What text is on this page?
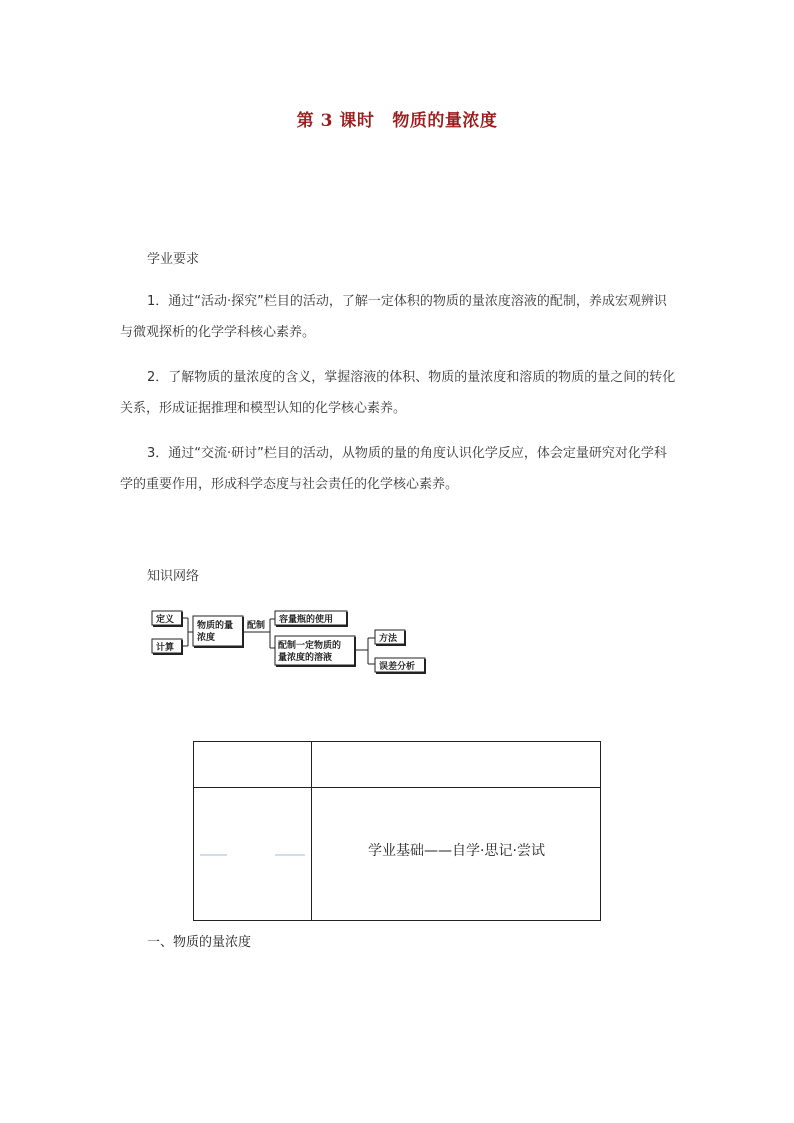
第 3 课时 物质的量浓度
学业要求

1．通过“活动·探究”栏目的活动，了解一定体积的物质的量浓度溶液的配制，养成宏观辨识与微观探析的化学学科核心素养。

2．了解物质的量浓度的含义，掌握溶液的体积、物质的量浓度和溶质的物质的量之间的转化关系，形成证据推理和模型认知的化学核心素养。

3．通过“交流·研讨”栏目的活动，从物质的量的角度认识化学反应，体会定量研究对化学科学的重要作用，形成科学态度与社会责任的化学核心素养。

知识网络
定义
计算
物质的量
浓度
配制
容量瓶的使用
配制一定物质的
量浓度的溶液
方法
误差分析
学业基础——自学·思记·尝试
一、物质的量浓度
